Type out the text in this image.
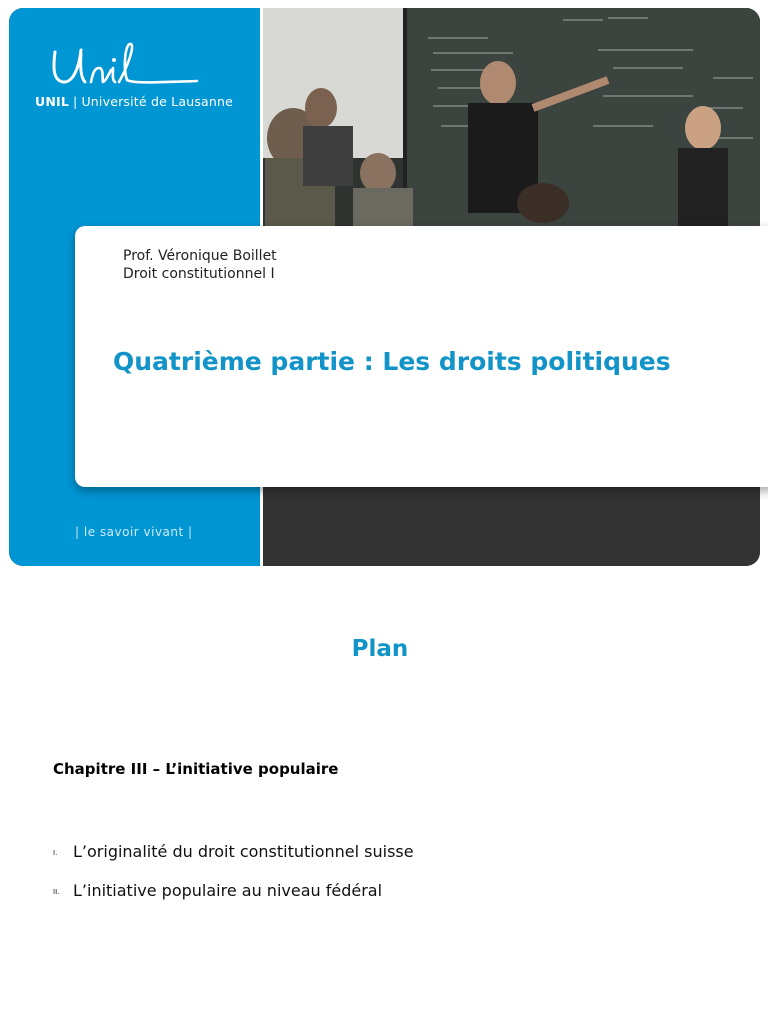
UNIL | Université de Lausanne
| le savoir vivant |
Prof. Véronique Boillet
Droit constitutionnel I
Quatrième partie : Les droits politiques
Plan
Chapitre III – L’initiative populaire
I. L’originalité du droit constitutionnel suisse
II. L’initiative populaire au niveau fédéral
